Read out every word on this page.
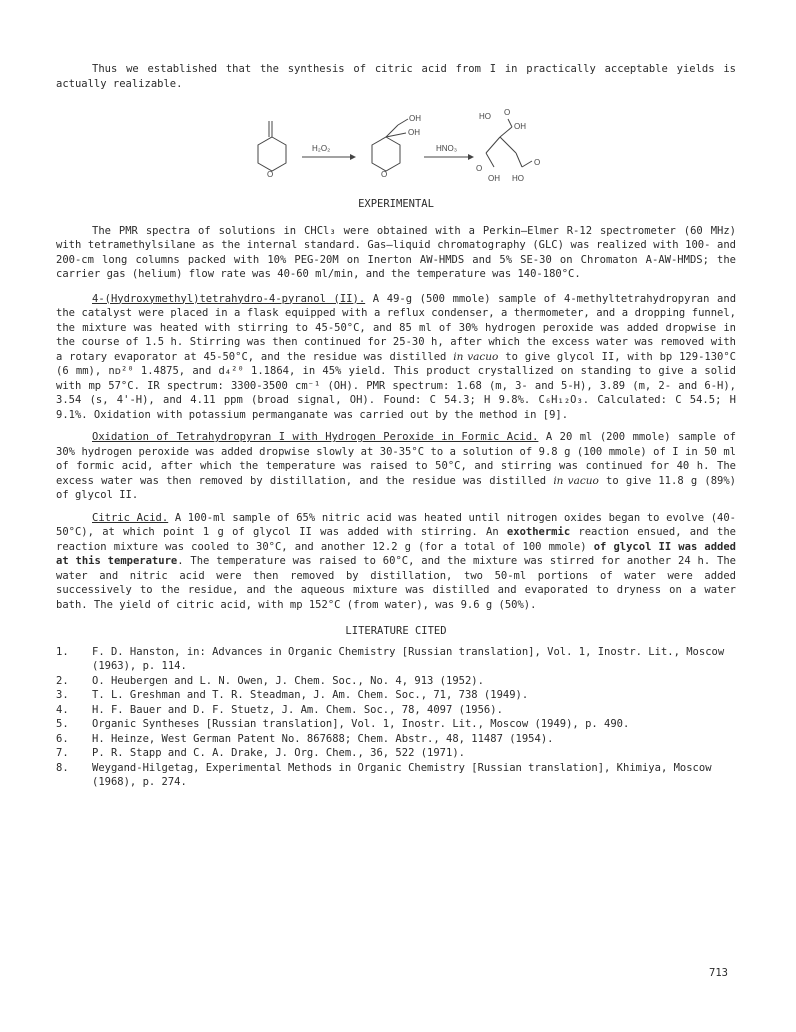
Thus we established that the synthesis of citric acid from I in practically acceptable yields is actually realizable.

O
H₂O₂
OH
OH
O
HNO₃
HO O
OH
O
O
OH HO

EXPERIMENTAL

The PMR spectra of solutions in CHCl₃ were obtained with a Perkin—Elmer R-12 spectrometer (60 MHz) with tetramethylsilane as the internal standard. Gas—liquid chromatography (GLC) was realized with 100- and 200-cm long columns packed with 10% PEG-20M on Inerton AW-HMDS and 5% SE-30 on Chromaton A-AW-HMDS; the carrier gas (helium) flow rate was 40-60 ml/min, and the temperature was 140-180°C.

4-(Hydroxymethyl)tetrahydro-4-pyranol (II). A 49-g (500 mmole) sample of 4-methyltetrahydropyran and the catalyst were placed in a flask equipped with a reflux condenser, a thermometer, and a dropping funnel, the mixture was heated with stirring to 45-50°C, and 85 ml of 30% hydrogen peroxide was added dropwise in the course of 1.5 h. Stirring was then continued for 25-30 h, after which the excess water was removed with a rotary evaporator at 45-50°C, and the residue was distilled in vacuo to give glycol II, with bp 129-130°C (6 mm), nᴅ²⁰ 1.4875, and d₄²⁰ 1.1864, in 45% yield. This product crystallized on standing to give a solid with mp 57°C. IR spectrum: 3300-3500 cm⁻¹ (OH). PMR spectrum: 1.68 (m, 3- and 5-H), 3.89 (m, 2- and 6-H), 3.54 (s, 4'-H), and 4.11 ppm (broad signal, OH). Found: C 54.3; H 9.8%. C₆H₁₂O₃. Calculated: C 54.5; H 9.1%. Oxidation with potassium permanganate was carried out by the method in [9].

Oxidation of Tetrahydropyran I with Hydrogen Peroxide in Formic Acid. A 20 ml (200 mmole) sample of 30% hydrogen peroxide was added dropwise slowly at 30-35°C to a solution of 9.8 g (100 mmole) of I in 50 ml of formic acid, after which the temperature was raised to 50°C, and stirring was continued for 40 h. The excess water was then removed by distillation, and the residue was distilled in vacuo to give 11.8 g (89%) of glycol II.

Citric Acid. A 100-ml sample of 65% nitric acid was heated until nitrogen oxides began to evolve (40-50°C), at which point 1 g of glycol II was added with stirring. An exothermic reaction ensued, and the reaction mixture was cooled to 30°C, and another 12.2 g (for a total of 100 mmole) of glycol II was added at this temperature. The temperature was raised to 60°C, and the mixture was stirred for another 24 h. The water and nitric acid were then removed by distillation, two 50-ml portions of water were added successively to the residue, and the aqueous mixture was distilled and evaporated to dryness on a water bath. The yield of citric acid, with mp 152°C (from water), was 9.6 g (50%).

LITERATURE CITED

1.	F. D. Hanston, in: Advances in Organic Chemistry [Russian translation], Vol. 1, Inostr. Lit., Moscow (1963), p. 114.
2.	O. Heubergen and L. N. Owen, J. Chem. Soc., No. 4, 913 (1952).
3.	T. L. Greshman and T. R. Steadman, J. Am. Chem. Soc., 71, 738 (1949).
4.	H. F. Bauer and D. F. Stuetz, J. Am. Chem. Soc., 78, 4097 (1956).
5.	Organic Syntheses [Russian translation], Vol. 1, Inostr. Lit., Moscow (1949), p. 490.
6.	H. Heinze, West German Patent No. 867688; Chem. Abstr., 48, 11487 (1954).
7.	P. R. Stapp and C. A. Drake, J. Org. Chem., 36, 522 (1971).
8.	Weygand-Hilgetag, Experimental Methods in Organic Chemistry [Russian translation], Khimiya, Moscow (1968), p. 274.
713
